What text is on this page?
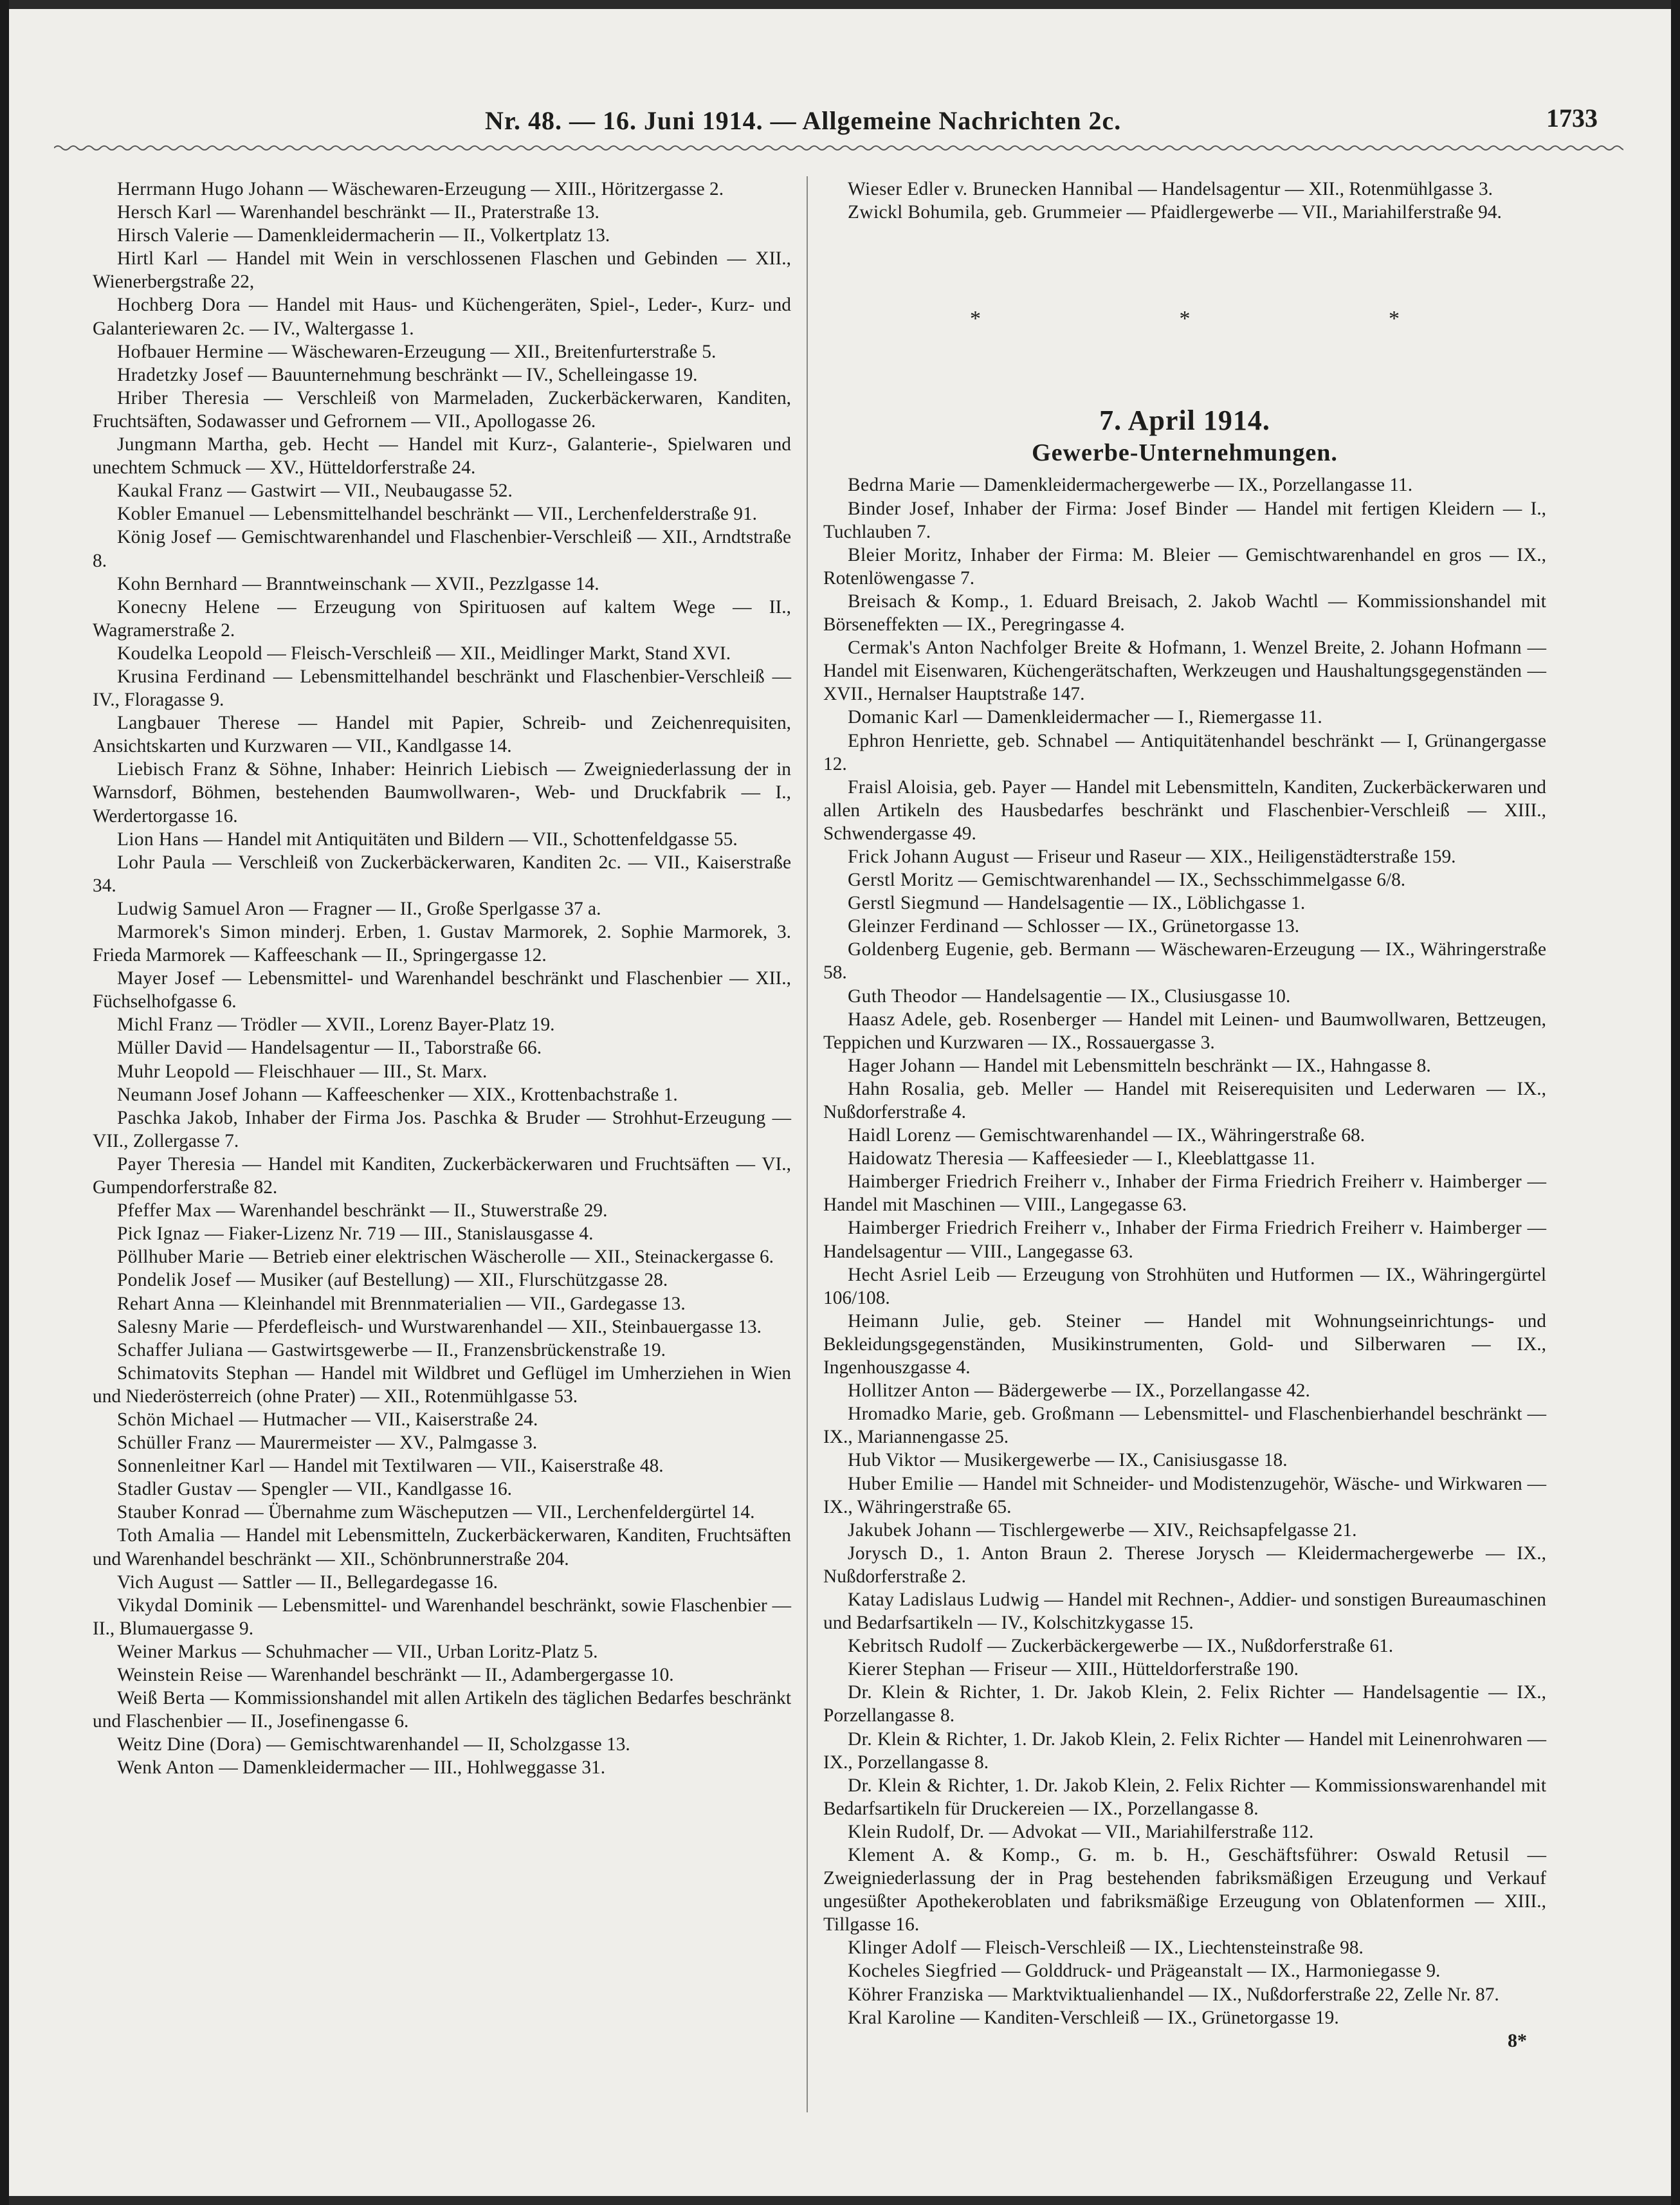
Nr. 48. — 16. Juni 1914. — Allgemeine Nachrichten 2c.	1733

Herrmann Hugo Johann — Wäschewaren-Erzeugung — XIII., Höritzergasse 2.

Hersch Karl — Warenhandel beschränkt — II., Praterstraße 13.

Hirsch Valerie — Damenkleidermacherin — II., Volkertplatz 13.

Hirtl Karl — Handel mit Wein in verschlossenen Flaschen und Gebinden — XII., Wienerbergstraße 22,

Hochberg Dora — Handel mit Haus- und Küchengeräten, Spiel-, Leder-, Kurz- und Galanteriewaren 2c. — IV., Waltergasse 1.

Hofbauer Hermine — Wäschewaren-Erzeugung — XII., Breitenfurterstraße 5.

Hradetzky Josef — Bauunternehmung beschränkt — IV., Schelleingasse 19.

Hriber Theresia — Verschleiß von Marmeladen, Zuckerbäckerwaren, Kanditen, Fruchtsäften, Sodawasser und Gefrornem — VII., Apollogasse 26.

Jungmann Martha, geb. Hecht — Handel mit Kurz-, Galanterie-, Spielwaren und unechtem Schmuck — XV., Hütteldorferstraße 24.

Kaukal Franz — Gastwirt — VII., Neubaugasse 52.

Kobler Emanuel — Lebensmittelhandel beschränkt — VII., Lerchenfelderstraße 91.

König Josef — Gemischtwarenhandel und Flaschenbier-Verschleiß — XII., Arndtstraße 8.

Kohn Bernhard — Branntweinschank — XVII., Pezzlgasse 14.

Konecny Helene — Erzeugung von Spirituosen auf kaltem Wege — II., Wagramerstraße 2.

Koudelka Leopold — Fleisch-Verschleiß — XII., Meidlinger Markt, Stand XVI.

Krusina Ferdinand — Lebensmittelhandel beschränkt und Flaschenbier-Verschleiß — IV., Floragasse 9.

Langbauer Therese — Handel mit Papier, Schreib- und Zeichenrequisiten, Ansichtskarten und Kurzwaren — VII., Kandlgasse 14.

Liebisch Franz & Söhne, Inhaber: Heinrich Liebisch — Zweigniederlassung der in Warnsdorf, Böhmen, bestehenden Baumwollwaren-, Web- und Druckfabrik — I., Werdertorgasse 16.

Lion Hans — Handel mit Antiquitäten und Bildern — VII., Schottenfeldgasse 55.

Lohr Paula — Verschleiß von Zuckerbäckerwaren, Kanditen 2c. — VII., Kaiserstraße 34.

Ludwig Samuel Aron — Fragner — II., Große Sperlgasse 37 a.

Marmorek's Simon minderj. Erben, 1. Gustav Marmorek, 2. Sophie Marmorek, 3. Frieda Marmorek — Kaffeeschank — II., Springergasse 12.

Mayer Josef — Lebensmittel- und Warenhandel beschränkt und Flaschenbier — XII., Füchselhofgasse 6.

Michl Franz — Trödler — XVII., Lorenz Bayer-Platz 19.

Müller David — Handelsagentur — II., Taborstraße 66.

Muhr Leopold — Fleischhauer — III., St. Marx.

Neumann Josef Johann — Kaffeeschenker — XIX., Krottenbachstraße 1.

Paschka Jakob, Inhaber der Firma Jos. Paschka & Bruder — Strohhut-Erzeugung — VII., Zollergasse 7.

Payer Theresia — Handel mit Kanditen, Zuckerbäckerwaren und Fruchtsäften — VI., Gumpendorferstraße 82.

Pfeffer Max — Warenhandel beschränkt — II., Stuwerstraße 29.

Pick Ignaz — Fiaker-Lizenz Nr. 719 — III., Stanislausgasse 4.

Pöllhuber Marie — Betrieb einer elektrischen Wäscherolle — XII., Steinackergasse 6.

Pondelik Josef — Musiker (auf Bestellung) — XII., Flurschützgasse 28.

Rehart Anna — Kleinhandel mit Brennmaterialien — VII., Gardegasse 13.

Salesny Marie — Pferdefleisch- und Wurstwarenhandel — XII., Steinbauergasse 13.

Schaffer Juliana — Gastwirtsgewerbe — II., Franzensbrückenstraße 19.

Schimatovits Stephan — Handel mit Wildbret und Geflügel im Umherziehen in Wien und Niederösterreich (ohne Prater) — XII., Rotenmühlgasse 53.

Schön Michael — Hutmacher — VII., Kaiserstraße 24.

Schüller Franz — Maurermeister — XV., Palmgasse 3.

Sonnenleitner Karl — Handel mit Textilwaren — VII., Kaiserstraße 48.

Stadler Gustav — Spengler — VII., Kandlgasse 16.

Stauber Konrad — Übernahme zum Wäscheputzen — VII., Lerchenfeldergürtel 14.

Toth Amalia — Handel mit Lebensmitteln, Zuckerbäckerwaren, Kanditen, Fruchtsäften und Warenhandel beschränkt — XII., Schönbrunnerstraße 204.

Vich August — Sattler — II., Bellegardegasse 16.

Vikydal Dominik — Lebensmittel- und Warenhandel beschränkt, sowie Flaschenbier — II., Blumauergasse 9.

Weiner Markus — Schuhmacher — VII., Urban Loritz-Platz 5.

Weinstein Reise — Warenhandel beschränkt — II., Adambergergasse 10.

Weiß Berta — Kommissionshandel mit allen Artikeln des täglichen Bedarfes beschränkt und Flaschenbier — II., Josefinengasse 6.

Weitz Dine (Dora) — Gemischtwarenhandel — II, Scholzgasse 13.

Wenk Anton — Damenkleidermacher — III., Hohlweggasse 31.

Wieser Edler v. Brunecken Hannibal — Handelsagentur — XII., Rotenmühlgasse 3.

Zwickl Bohumila, geb. Grummeier — Pfaidlergewerbe — VII., Mariahilferstraße 94.

* * *
7. April 1914.
Gewerbe-Unternehmungen.

Bedrna Marie — Damenkleidermachergewerbe — IX., Porzellangasse 11.

Binder Josef, Inhaber der Firma: Josef Binder — Handel mit fertigen Kleidern — I., Tuchlauben 7.

Bleier Moritz, Inhaber der Firma: M. Bleier — Gemischtwarenhandel en gros — IX., Rotenlöwengasse 7.

Breisach & Komp., 1. Eduard Breisach, 2. Jakob Wachtl — Kommissionshandel mit Börseneffekten — IX., Peregringasse 4.

Cermak's Anton Nachfolger Breite & Hofmann, 1. Wenzel Breite, 2. Johann Hofmann — Handel mit Eisenwaren, Küchengerätschaften, Werkzeugen und Haushaltungsgegenständen — XVII., Hernalser Hauptstraße 147.

Domanic Karl — Damenkleidermacher — I., Riemergasse 11.

Ephron Henriette, geb. Schnabel — Antiquitätenhandel beschränkt — I, Grünangergasse 12.

Fraisl Aloisia, geb. Payer — Handel mit Lebensmitteln, Kanditen, Zuckerbäckerwaren und allen Artikeln des Hausbedarfes beschränkt und Flaschenbier-Verschleiß — XIII., Schwendergasse 49.

Frick Johann August — Friseur und Raseur — XIX., Heiligenstädterstraße 159.

Gerstl Moritz — Gemischtwarenhandel — IX., Sechsschimmelgasse 6/8.

Gerstl Siegmund — Handelsagentie — IX., Löblichgasse 1.

Gleinzer Ferdinand — Schlosser — IX., Grünetorgasse 13.

Goldenberg Eugenie, geb. Bermann — Wäschewaren-Erzeugung — IX., Währingerstraße 58.

Guth Theodor — Handelsagentie — IX., Clusiusgasse 10.

Haasz Adele, geb. Rosenberger — Handel mit Leinen- und Baumwollwaren, Bettzeugen, Teppichen und Kurzwaren — IX., Rossauergasse 3.

Hager Johann — Handel mit Lebensmitteln beschränkt — IX., Hahngasse 8.

Hahn Rosalia, geb. Meller — Handel mit Reiserequisiten und Lederwaren — IX., Nußdorferstraße 4.

Haidl Lorenz — Gemischtwarenhandel — IX., Währingerstraße 68.

Haidowatz Theresia — Kaffeesieder — I., Kleeblattgasse 11.

Haimberger Friedrich Freiherr v., Inhaber der Firma Friedrich Freiherr v. Haimberger — Handel mit Maschinen — VIII., Langegasse 63.

Haimberger Friedrich Freiherr v., Inhaber der Firma Friedrich Freiherr v. Haimberger — Handelsagentur — VIII., Langegasse 63.

Hecht Asriel Leib — Erzeugung von Strohhüten und Hutformen — IX., Währingergürtel 106/108.

Heimann Julie, geb. Steiner — Handel mit Wohnungseinrichtungs- und Bekleidungsgegenständen, Musikinstrumenten, Gold- und Silberwaren — IX., Ingenhouszgasse 4.

Hollitzer Anton — Bädergewerbe — IX., Porzellangasse 42.

Hromadko Marie, geb. Großmann — Lebensmittel- und Flaschenbierhandel beschränkt — IX., Mariannengasse 25.

Hub Viktor — Musikergewerbe — IX., Canisiusgasse 18.

Huber Emilie — Handel mit Schneider- und Modistenzugehör, Wäsche- und Wirkwaren — IX., Währingerstraße 65.

Jakubek Johann — Tischlergewerbe — XIV., Reichsapfelgasse 21.

Jorysch D., 1. Anton Braun 2. Therese Jorysch — Kleidermachergewerbe — IX., Nußdorferstraße 2.

Katay Ladislaus Ludwig — Handel mit Rechnen-, Addier- und sonstigen Bureaumaschinen und Bedarfsartikeln — IV., Kolschitzkygasse 15.

Kebritsch Rudolf — Zuckerbäckergewerbe — IX., Nußdorferstraße 61.

Kierer Stephan — Friseur — XIII., Hütteldorferstraße 190.

Dr. Klein & Richter, 1. Dr. Jakob Klein, 2. Felix Richter — Handelsagentie — IX., Porzellangasse 8.

Dr. Klein & Richter, 1. Dr. Jakob Klein, 2. Felix Richter — Handel mit Leinenrohwaren — IX., Porzellangasse 8.

Dr. Klein & Richter, 1. Dr. Jakob Klein, 2. Felix Richter — Kommissionswarenhandel mit Bedarfsartikeln für Druckereien — IX., Porzellangasse 8.

Klein Rudolf, Dr. — Advokat — VII., Mariahilferstraße 112.

Klement A. & Komp., G. m. b. H., Geschäftsführer: Oswald Retusil — Zweigniederlassung der in Prag bestehenden fabriksmäßigen Erzeugung und Verkauf ungesüßter Apothekeroblaten und fabriksmäßige Erzeugung von Oblatenformen — XIII., Tillgasse 16.

Klinger Adolf — Fleisch-Verschleiß — IX., Liechtensteinstraße 98.

Kocheles Siegfried — Golddruck- und Prägeanstalt — IX., Harmoniegasse 9.

Köhrer Franziska — Marktviktualienhandel — IX., Nußdorferstraße 22, Zelle Nr. 87.

Kral Karoline — Kanditen-Verschleiß — IX., Grünetorgasse 19.

8*
